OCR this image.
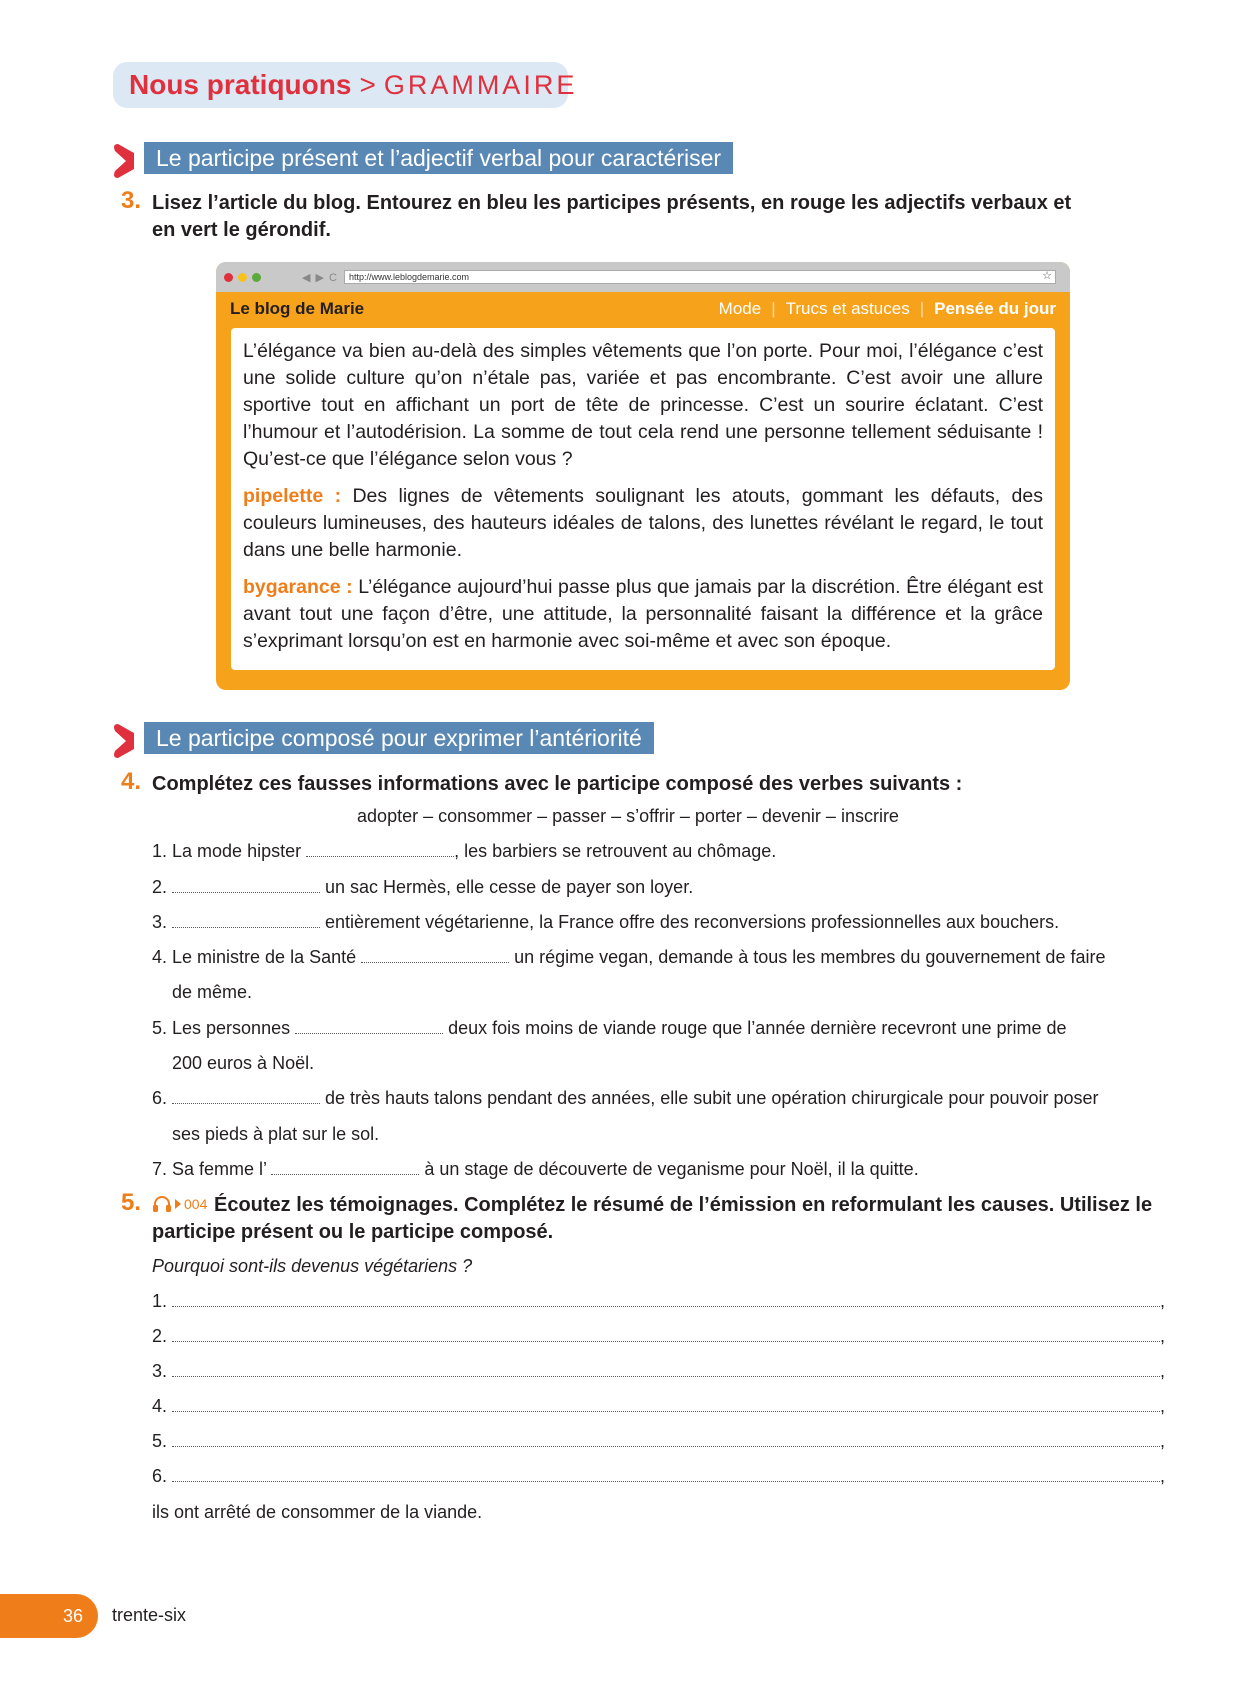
Nous pratiquons > GRAMMAIRE
Le participe présent et l’adjectif verbal pour caractériser
3. Lisez l’article du blog. Entourez en bleu les participes présents, en rouge les adjectifs verbaux et
en vert le gérondif.
◀ ▶ C	http://www.leblogdemarie.com	☆
Le blog de Marie	Mode | Trucs et astuces | Pensée du jour

L’élégance va bien au-delà des simples vêtements que l’on porte. Pour moi, l’élégance c’est une solide culture qu’on n’étale pas, variée et pas encombrante. C’est avoir une allure sportive tout en affichant un port de tête de princesse. C’est un sourire éclatant. C’est l’humour et l’autodérision. La somme de tout cela rend une personne tellement séduisante ! Qu’est-ce que l’élégance selon vous ?

pipelette : Des lignes de vêtements soulignant les atouts, gommant les défauts, des couleurs lumineuses, des hauteurs idéales de talons, des lunettes révélant le regard, le tout dans une belle harmonie.

bygarance : L’élégance aujourd’hui passe plus que jamais par la discrétion. Être élégant est avant tout une façon d’être, une attitude, la personnalité faisant la différence et la grâce s’exprimant lorsqu’on est en harmonie avec soi-même et avec son époque.

Le participe composé pour exprimer l’antériorité
4. Complétez ces fausses informations avec le participe composé des verbes suivants :
adopter – consommer – passer – s’offrir – porter – devenir – inscrire
1. La mode hipster	, les barbiers se retrouvent au chômage.
2.	un sac Hermès, elle cesse de payer son loyer.
3.	entièrement végétarienne, la France offre des reconversions professionnelles aux bouchers.
4. Le ministre de la Santé	un régime vegan, demande à tous les membres du gouvernement de faire
de même.
5. Les personnes	deux fois moins de viande rouge que l’année dernière recevront une prime de
200 euros à Noël.
6.	de très hauts talons pendant des années, elle subit une opération chirurgicale pour pouvoir poser
ses pieds à plat sur le sol.
7. Sa femme l’	à un stage de découverte de veganisme pour Noël, il la quitte.
5.	004 Écoutez les témoignages. Complétez le résumé de l’émission en reformulant les causes. Utilisez le
participe présent ou le participe composé.
Pourquoi sont-ils devenus végétariens ?
1.	,
2.	,
3.	,
4.	,
5.	,
6.	,
ils ont arrêté de consommer de la viande.
36	trente-six
